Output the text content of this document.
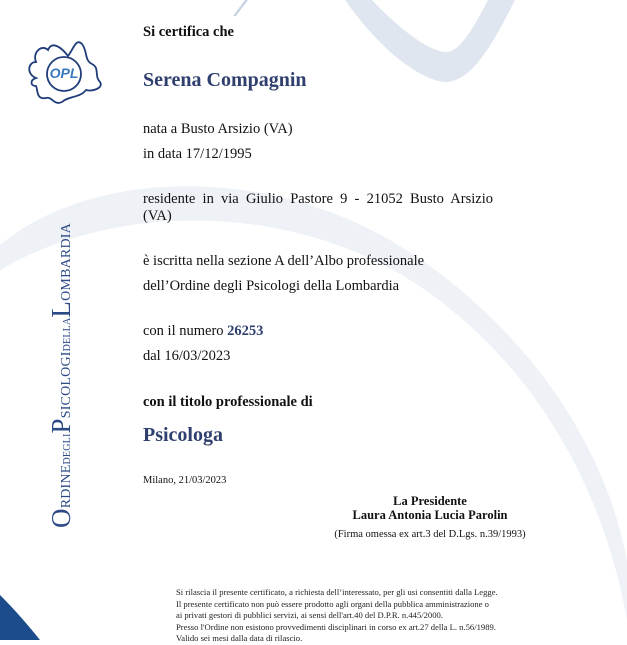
OPL
ORDINEDEGLIPSICOLOGIDELLALOMBARDIA
Si certifica che
Serena Compagnin
nata a Busto Arsizio (VA)
in data 17/12/1995
residente in via Giulio Pastore 9 - 21052 Busto Arsizio
(VA)
è iscritta nella sezione A dell’Albo professionale
dell’Ordine degli Psicologi della Lombardia
con il numero 26253
dal 16/03/2023
con il titolo professionale di
Psicologa
Milano, 21/03/2023
La Presidente
Laura Antonia Lucia Parolin
(Firma omessa ex art.3 del D.Lgs. n.39/1993)
Si rilascia il presente certificato, a richiesta dell’interessato, per gli usi consentiti dalla Legge.
Il presente certificato non può essere prodotto agli organi della pubblica amministrazione o
ai privati gestori di pubblici servizi, ai sensi dell'art.40 del D.P.R. n.445/2000.
Presso l'Ordine non esistono provvedimenti disciplinari in corso ex art.27 della L. n.56/1989.
Valido sei mesi dalla data di rilascio.
